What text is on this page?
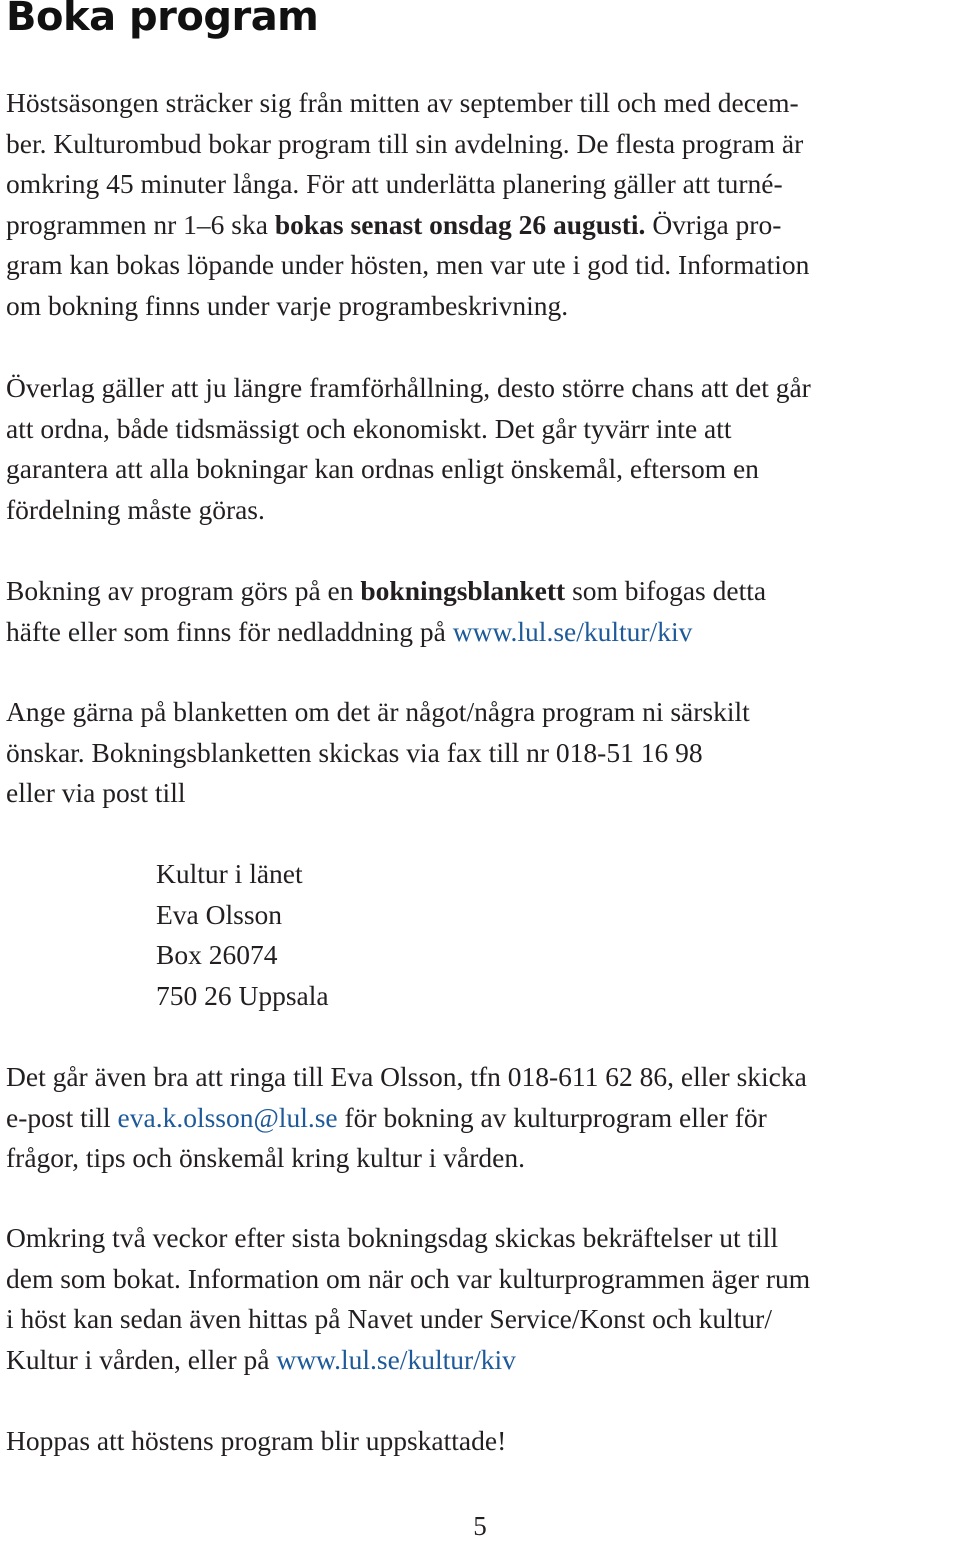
Boka program
Höstsäsongen sträcker sig från mitten av september till och med decem-
ber. Kulturombud bokar program till sin avdelning. De flesta program är
omkring 45 minuter långa. För att underlätta planering gäller att turné-
programmen nr 1–6 ska bokas senast onsdag 26 augusti. Övriga pro-
gram kan bokas löpande under hösten, men var ute i god tid. Information
om bokning finns under varje programbeskrivning.
Överlag gäller att ju längre framförhållning, desto större chans att det går
att ordna, både tidsmässigt och ekonomiskt. Det går tyvärr inte att
garantera att alla bokningar kan ordnas enligt önskemål, eftersom en
fördelning måste göras.
Bokning av program görs på en bokningsblankett som bifogas detta
häfte eller som finns för nedladdning på www.lul.se/kultur/kiv
Ange gärna på blanketten om det är något/några program ni särskilt
önskar. Bokningsblanketten skickas via fax till nr 018-51 16 98
eller via post till
Kultur i länet
Eva Olsson
Box 26074
750 26 Uppsala
Det går även bra att ringa till Eva Olsson, tfn 018-611 62 86, eller skicka
e-post till eva.k.olsson@lul.se för bokning av kulturprogram eller för
frågor, tips och önskemål kring kultur i vården.
Omkring två veckor efter sista bokningsdag skickas bekräftelser ut till
dem som bokat. Information om när och var kulturprogrammen äger rum
i höst kan sedan även hittas på Navet under Service/Konst och kultur/
Kultur i vården, eller på www.lul.se/kultur/kiv
Hoppas att höstens program blir uppskattade!
5
